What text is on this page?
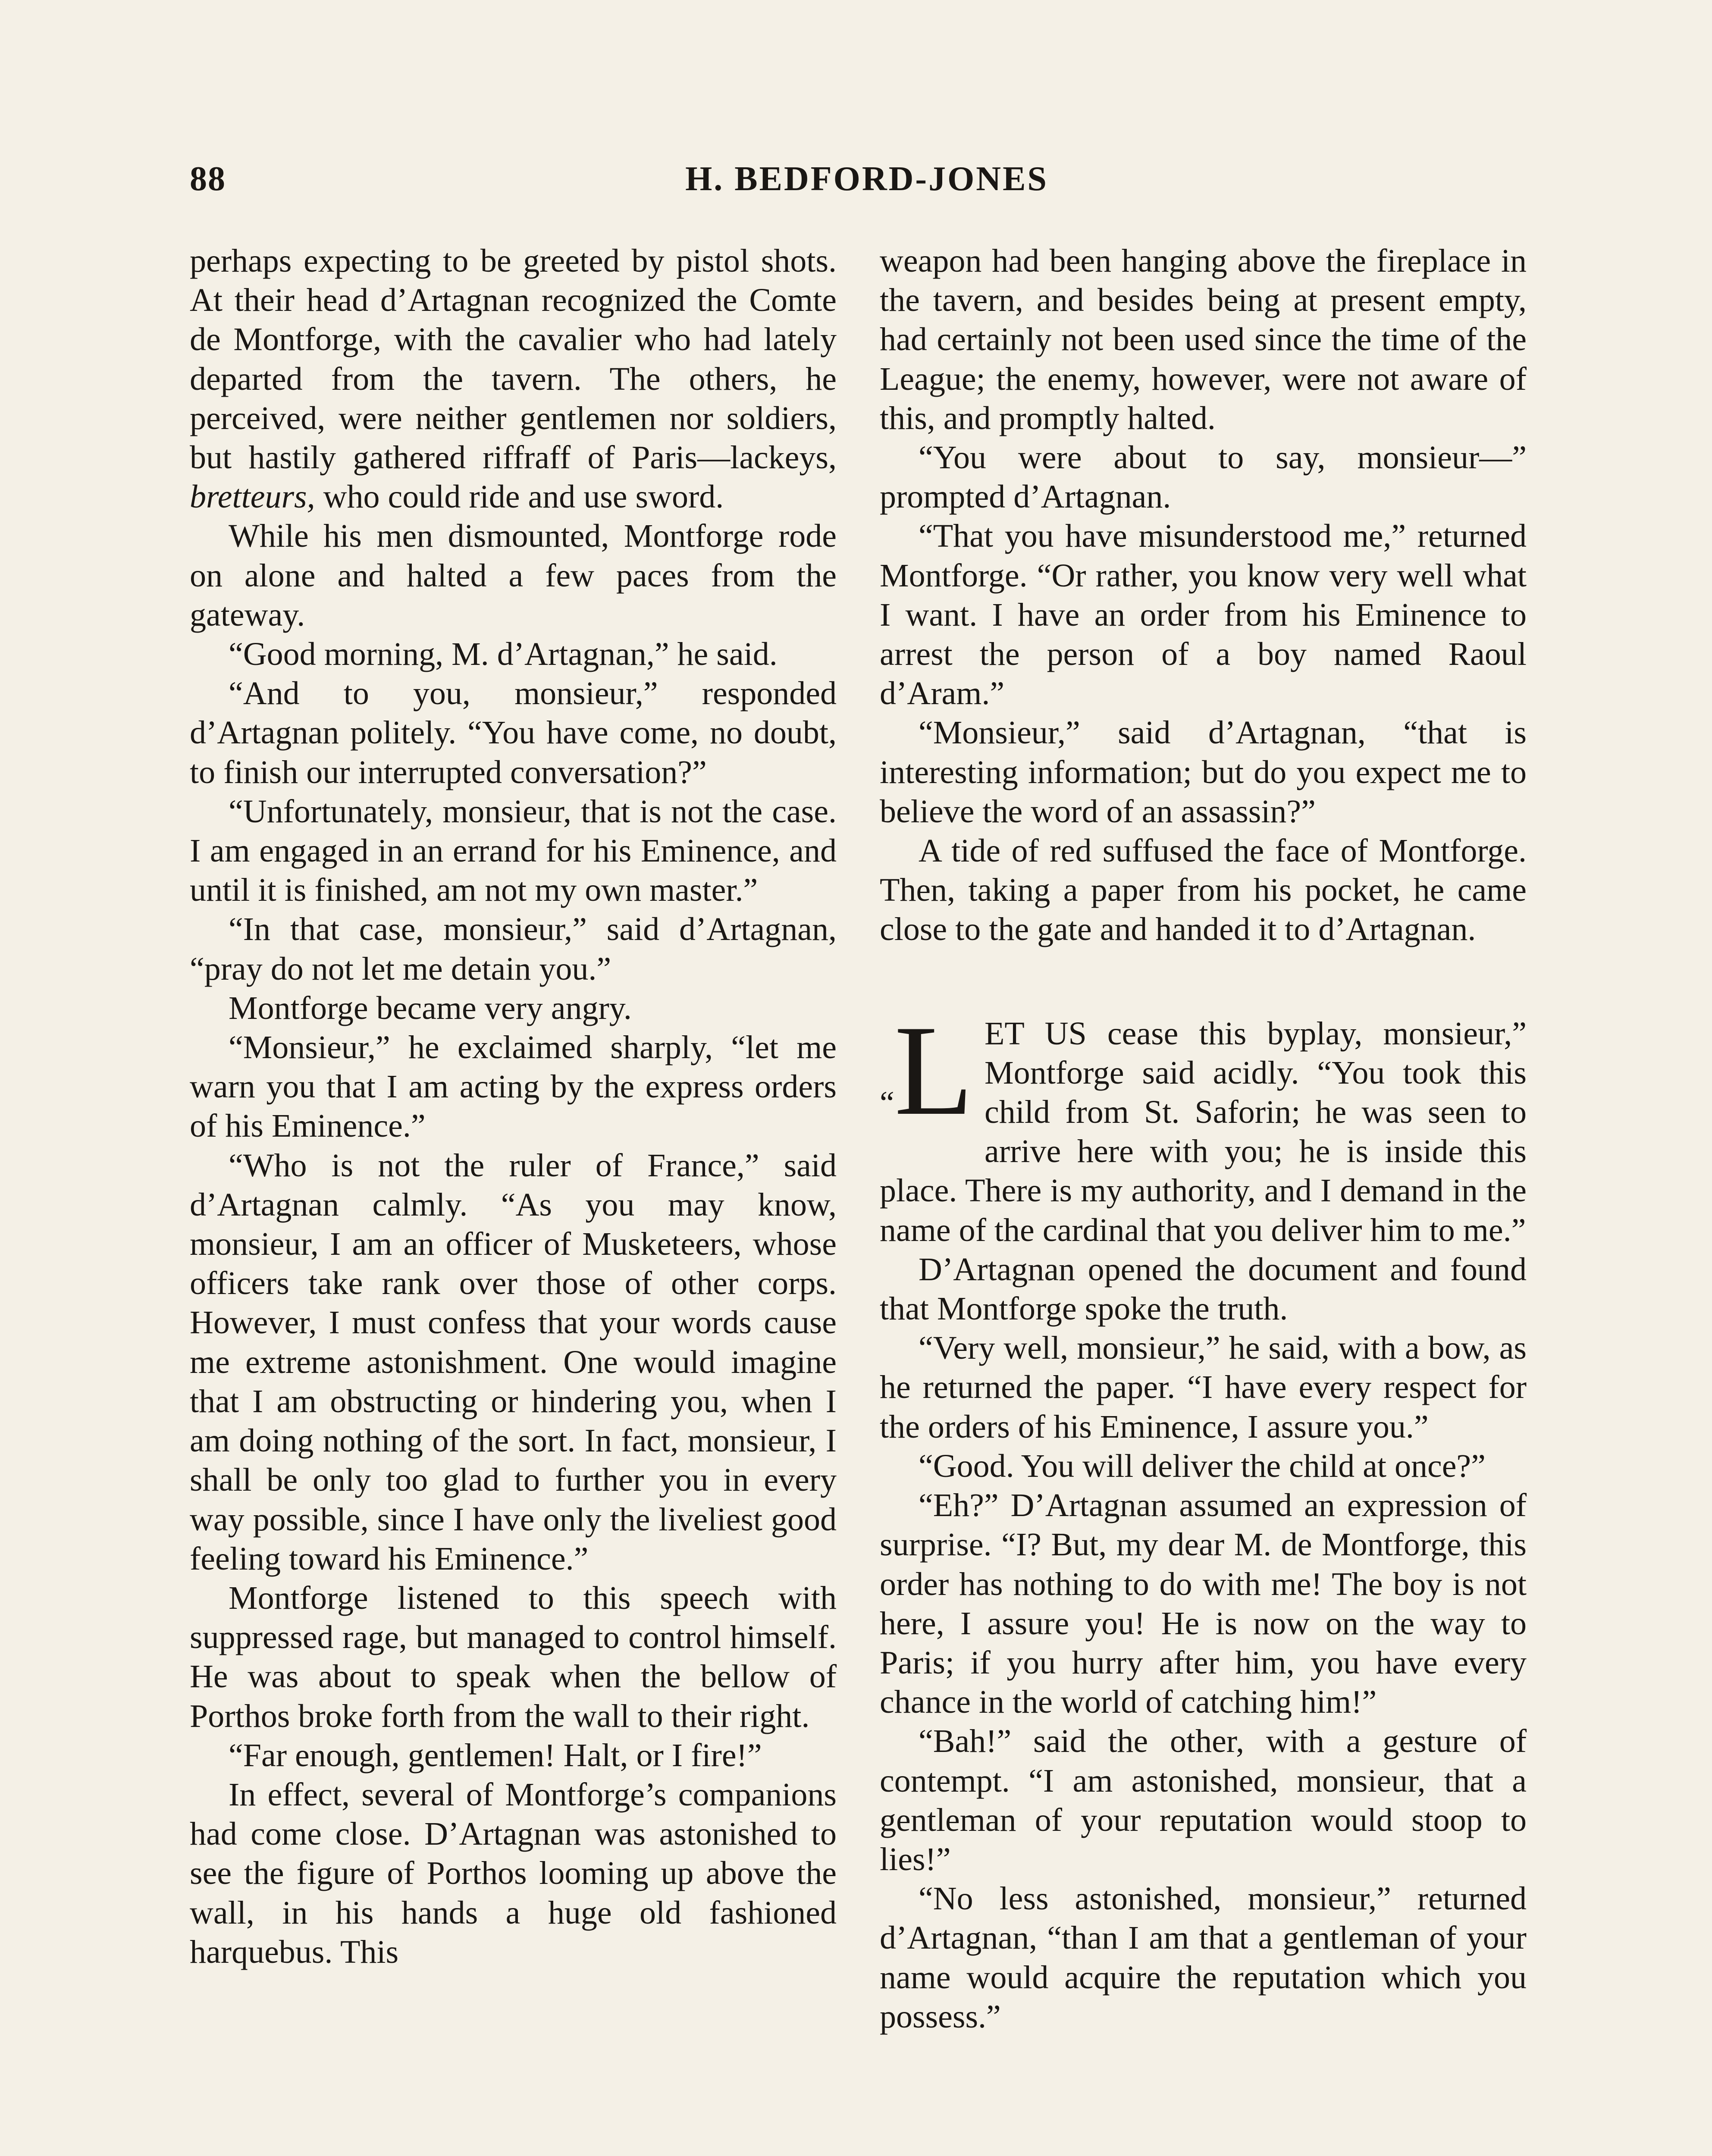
88	H. BEDFORD-JONES

perhaps expecting to be greeted by pistol shots. At their head d’Artagnan recognized the Comte de Montforge, with the cavalier who had lately departed from the tavern. The others, he perceived, were neither gentlemen nor soldiers, but hastily gathered riffraff of Paris—lackeys, bretteurs, who could ride and use sword.

While his men dismounted, Montforge rode on alone and halted a few paces from the gateway.

“Good morning, M. d’Artagnan,” he said.

“And to you, monsieur,” responded d’Artagnan politely. “You have come, no doubt, to finish our interrupted conversation?”

“Unfortunately, monsieur, that is not the case. I am engaged in an errand for his Eminence, and until it is finished, am not my own master.”

“In that case, monsieur,” said d’Artagnan, “pray do not let me detain you.”

Montforge became very angry.

“Monsieur,” he exclaimed sharply, “let me warn you that I am acting by the express orders of his Eminence.”

“Who is not the ruler of France,” said d’Artagnan calmly. “As you may know, monsieur, I am an officer of Musketeers, whose officers take rank over those of other corps. However, I must confess that your words cause me extreme astonishment. One would imagine that I am obstructing or hindering you, when I am doing nothing of the sort. In fact, monsieur, I shall be only too glad to further you in every way possible, since I have only the liveliest good feeling toward his Eminence.”

Montforge listened to this speech with suppressed rage, but managed to control himself. He was about to speak when the bellow of Porthos broke forth from the wall to their right.

“Far enough, gentlemen! Halt, or I fire!”

In effect, several of Montforge’s companions had come close. D’Artagnan was astonished to see the figure of Porthos looming up above the wall, in his hands a huge old fashioned harquebus. This

weapon had been hanging above the fireplace in the tavern, and besides being at present empty, had certainly not been used since the time of the League; the enemy, however, were not aware of this, and promptly halted.

“You were about to say, monsieur—” prompted d’Artagnan.

“That you have misunderstood me,” returned Montforge. “Or rather, you know very well what I want. I have an order from his Eminence to arrest the person of a boy named Raoul d’Aram.”

“Monsieur,” said d’Artagnan, “that is interesting information; but do you expect me to believe the word of an assassin?”

A tide of red suffused the face of Montforge. Then, taking a paper from his pocket, he came close to the gate and handed it to d’Artagnan.

“L ET US cease this byplay, monsieur,” Montforge said acidly. “You took this child from St. Saforin; he was seen to arrive here with you; he is inside this place. There is my authority, and I demand in the name of the cardinal that you deliver him to me.”

D’Artagnan opened the document and found that Montforge spoke the truth.

“Very well, monsieur,” he said, with a bow, as he returned the paper. “I have every respect for the orders of his Eminence, I assure you.”

“Good. You will deliver the child at once?”

“Eh?” D’Artagnan assumed an expression of surprise. “I? But, my dear M. de Montforge, this order has nothing to do with me! The boy is not here, I assure you! He is now on the way to Paris; if you hurry after him, you have every chance in the world of catching him!”

“Bah!” said the other, with a gesture of contempt. “I am astonished, monsieur, that a gentleman of your reputation would stoop to lies!”

“No less astonished, monsieur,” returned d’Artagnan, “than I am that a gentleman of your name would acquire the reputation which you possess.”
